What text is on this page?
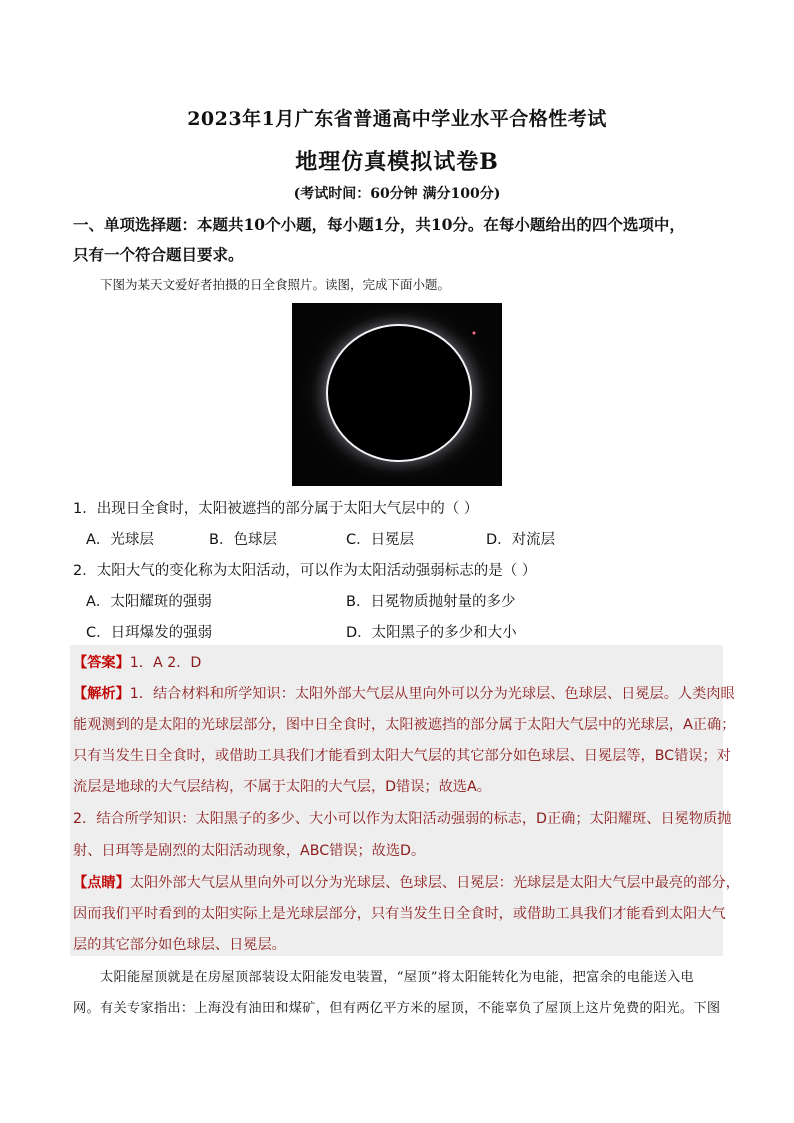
2023年1月广东省普通高中学业水平合格性考试
地理仿真模拟试卷B
(考试时间：60分钟 满分100分)
一、单项选择题：本题共10个小题，每小题1分，共10分。在每小题给出的四个选项中，
只有一个符合题目要求。
下图为某天文爱好者拍摄的日全食照片。读图，完成下面小题。
1．出现日全食时，太阳被遮挡的部分属于太阳大气层中的（ ）
A．光球层	B．色球层	C．日冕层	D．对流层
2．太阳大气的变化称为太阳活动，可以作为太阳活动强弱标志的是（ ）
A．太阳耀斑的强弱	B．日冕物质抛射量的多少
C．日珥爆发的强弱	D．太阳黑子的多少和大小
【答案】1．A 2．D
【解析】1．结合材料和所学知识：太阳外部大气层从里向外可以分为光球层、色球层、日冕层。人类肉眼
能观测到的是太阳的光球层部分，图中日全食时，太阳被遮挡的部分属于太阳大气层中的光球层，A正确；
只有当发生日全食时，或借助工具我们才能看到太阳大气层的其它部分如色球层、日冕层等，BC错误；对
流层是地球的大气层结构，不属于太阳的大气层，D错误；故选A。
2．结合所学知识：太阳黑子的多少、大小可以作为太阳活动强弱的标志，D正确；太阳耀斑、日冕物质抛
射、日珥等是剧烈的太阳活动现象，ABC错误；故选D。
【点睛】太阳外部大气层从里向外可以分为光球层、色球层、日冕层：光球层是太阳大气层中最亮的部分，
因而我们平时看到的太阳实际上是光球层部分，只有当发生日全食时，或借助工具我们才能看到太阳大气
层的其它部分如色球层、日冕层。
太阳能屋顶就是在房屋顶部装设太阳能发电装置，“屋顶”将太阳能转化为电能，把富余的电能送入电
网。有关专家指出：上海没有油田和煤矿，但有两亿平方米的屋顶，不能辜负了屋顶上这片免费的阳光。下图
